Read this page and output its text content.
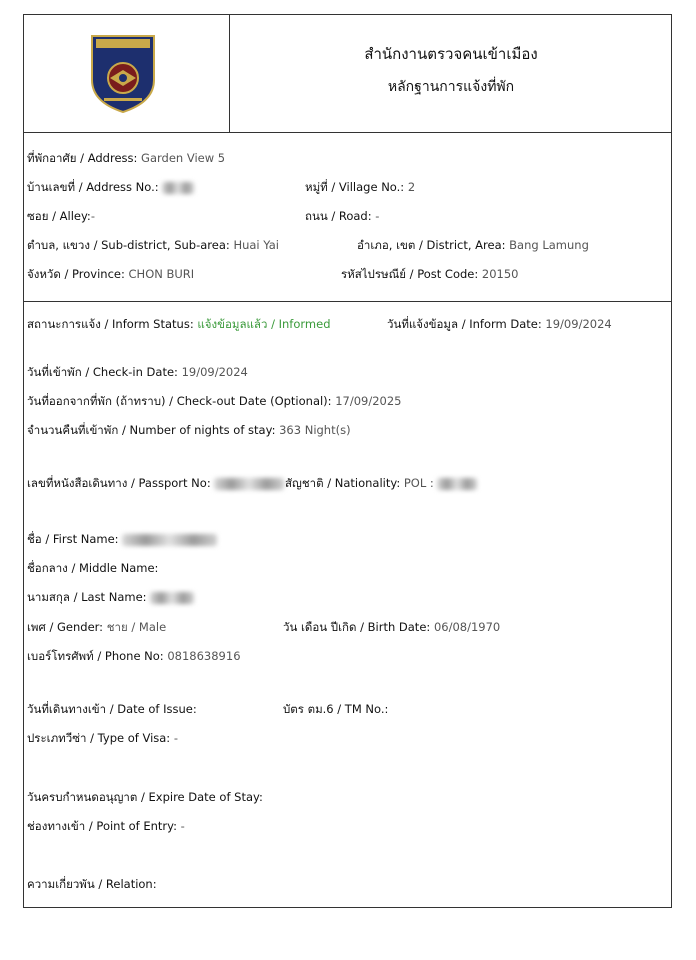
สำนักงานตรวจคนเข้าเมือง
หลักฐานการแจ้งที่พัก
ที่พักอาศัย / Address: Garden View 5
บ้านเลขที่ / Address No.:	หมู่ที่ / Village No.: 2
ซอย / Alley:-	ถนน / Road: -
ตำบล, แขวง / Sub-district, Sub-area: Huai Yai	อำเภอ, เขต / District, Area: Bang Lamung
จังหวัด / Province: CHON BURI	รหัสไปรษณีย์ / Post Code: 20150
สถานะการแจ้ง / Inform Status: แจ้งข้อมูลแล้ว / Informed	วันที่แจ้งข้อมูล / Inform Date: 19/09/2024
วันที่เข้าพัก / Check-in Date: 19/09/2024
วันที่ออกจากที่พัก (ถ้าทราบ) / Check-out Date (Optional): 17/09/2025
จำนวนคืนที่เข้าพัก / Number of nights of stay: 363 Night(s)
เลขที่หนังสือเดินทาง / Passport No:	สัญชาติ / Nationality: POL :
ชื่อ / First Name:
ชื่อกลาง / Middle Name:
นามสกุล / Last Name:
เพศ / Gender: ชาย / Male	วัน เดือน ปีเกิด / Birth Date: 06/08/1970
เบอร์โทรศัพท์ / Phone No: 0818638916
วันที่เดินทางเข้า / Date of Issue:	บัตร ตม.6 / TM No.:
ประเภทวีซ่า / Type of Visa: -
วันครบกำหนดอนุญาต / Expire Date of Stay:
ช่องทางเข้า / Point of Entry: -
ความเกี่ยวพัน / Relation:
